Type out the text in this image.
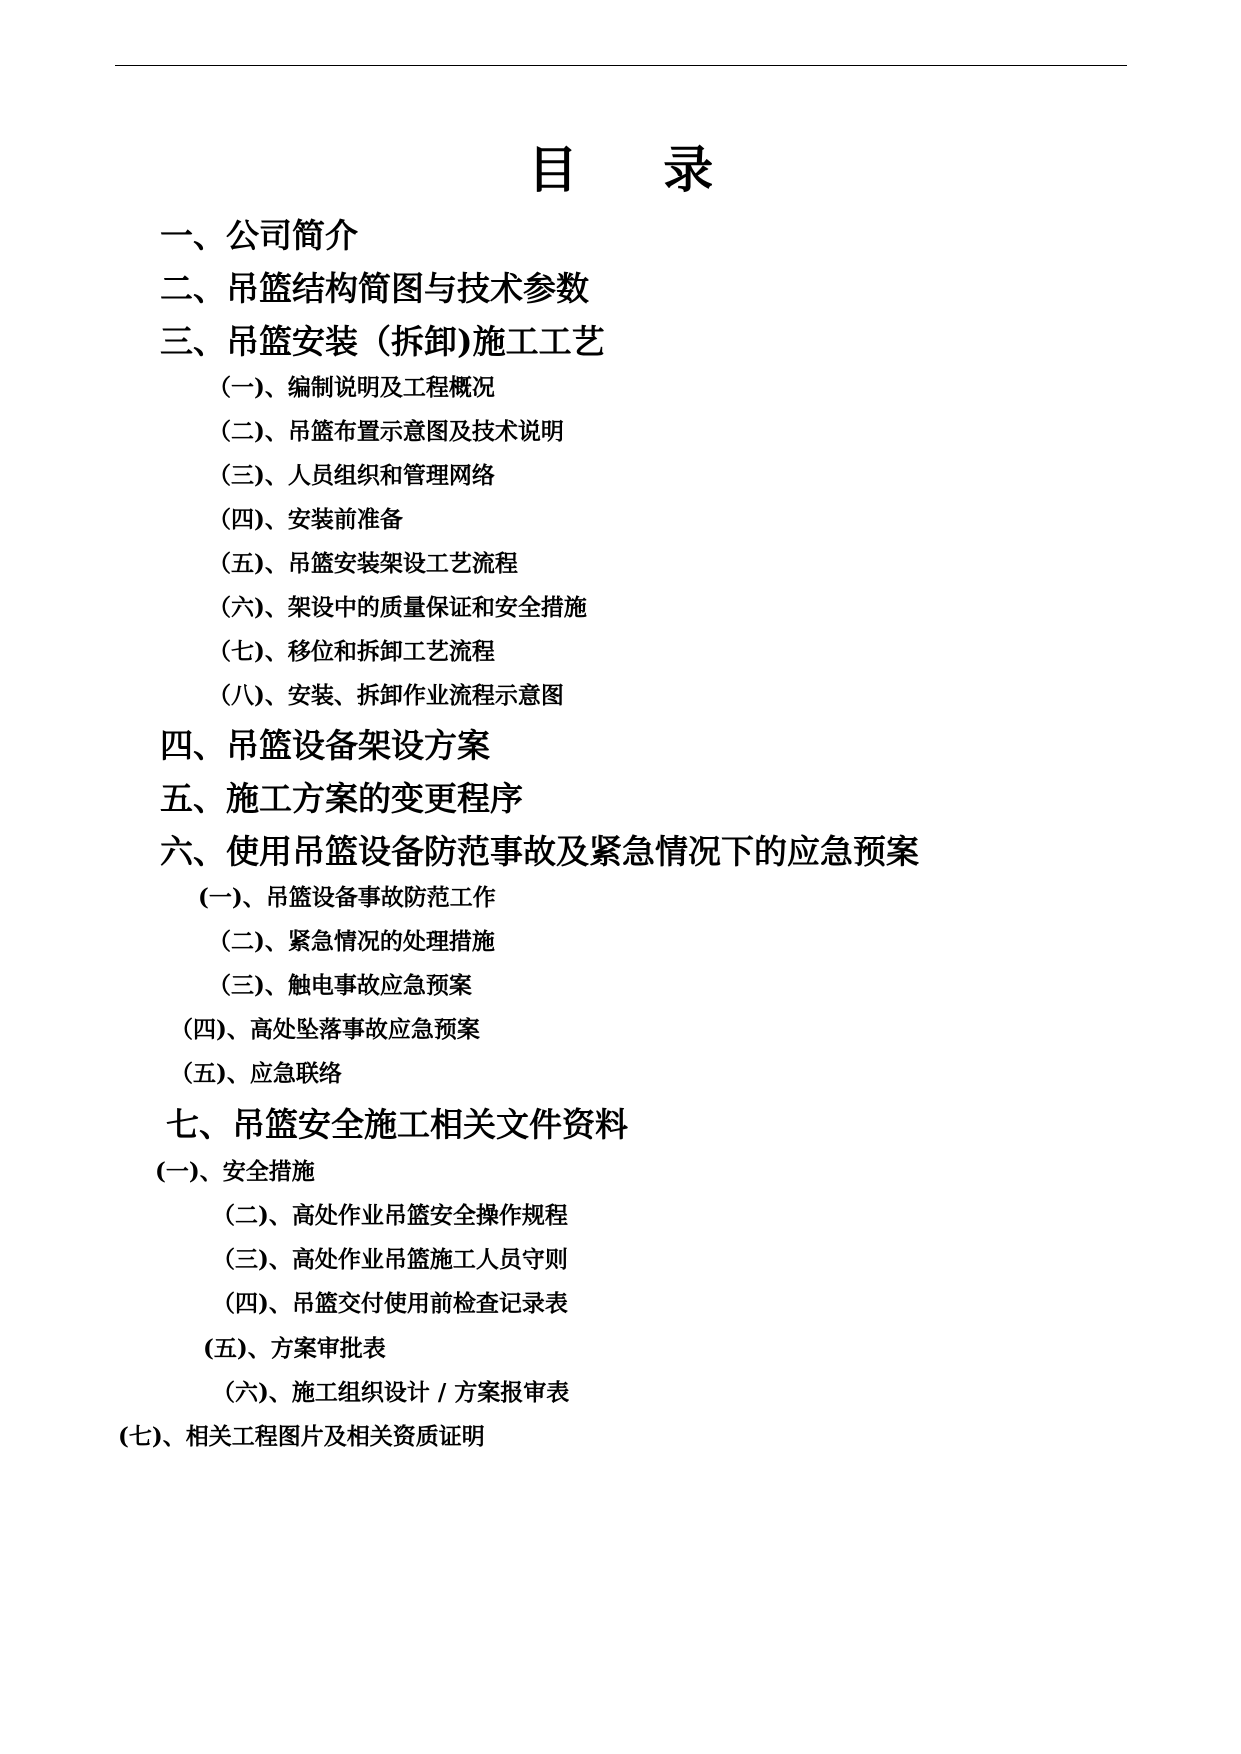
目 录
一、公司简介
二、吊篮结构简图与技术参数
三、吊篮安装（拆卸)施工工艺
（一)、编制说明及工程概况
（二)、吊篮布置示意图及技术说明
（三)、人员组织和管理网络
（四)、安装前准备
（五)、吊篮安装架设工艺流程
（六)、架设中的质量保证和安全措施
（七)、移位和拆卸工艺流程
（八)、安装、拆卸作业流程示意图
四、吊篮设备架设方案
五、施工方案的变更程序
六、使用吊篮设备防范事故及紧急情况下的应急预案
(一)、吊篮设备事故防范工作
（二)、紧急情况的处理措施
（三)、触电事故应急预案
（四)、高处坠落事故应急预案
（五)、应急联络
七、吊篮安全施工相关文件资料
(一)、安全措施
（二)、高处作业吊篮安全操作规程
（三)、高处作业吊篮施工人员守则
（四)、吊篮交付使用前检查记录表
(五)、方案审批表
（六)、施工组织设计 / 方案报审表
(七)、相关工程图片及相关资质证明
